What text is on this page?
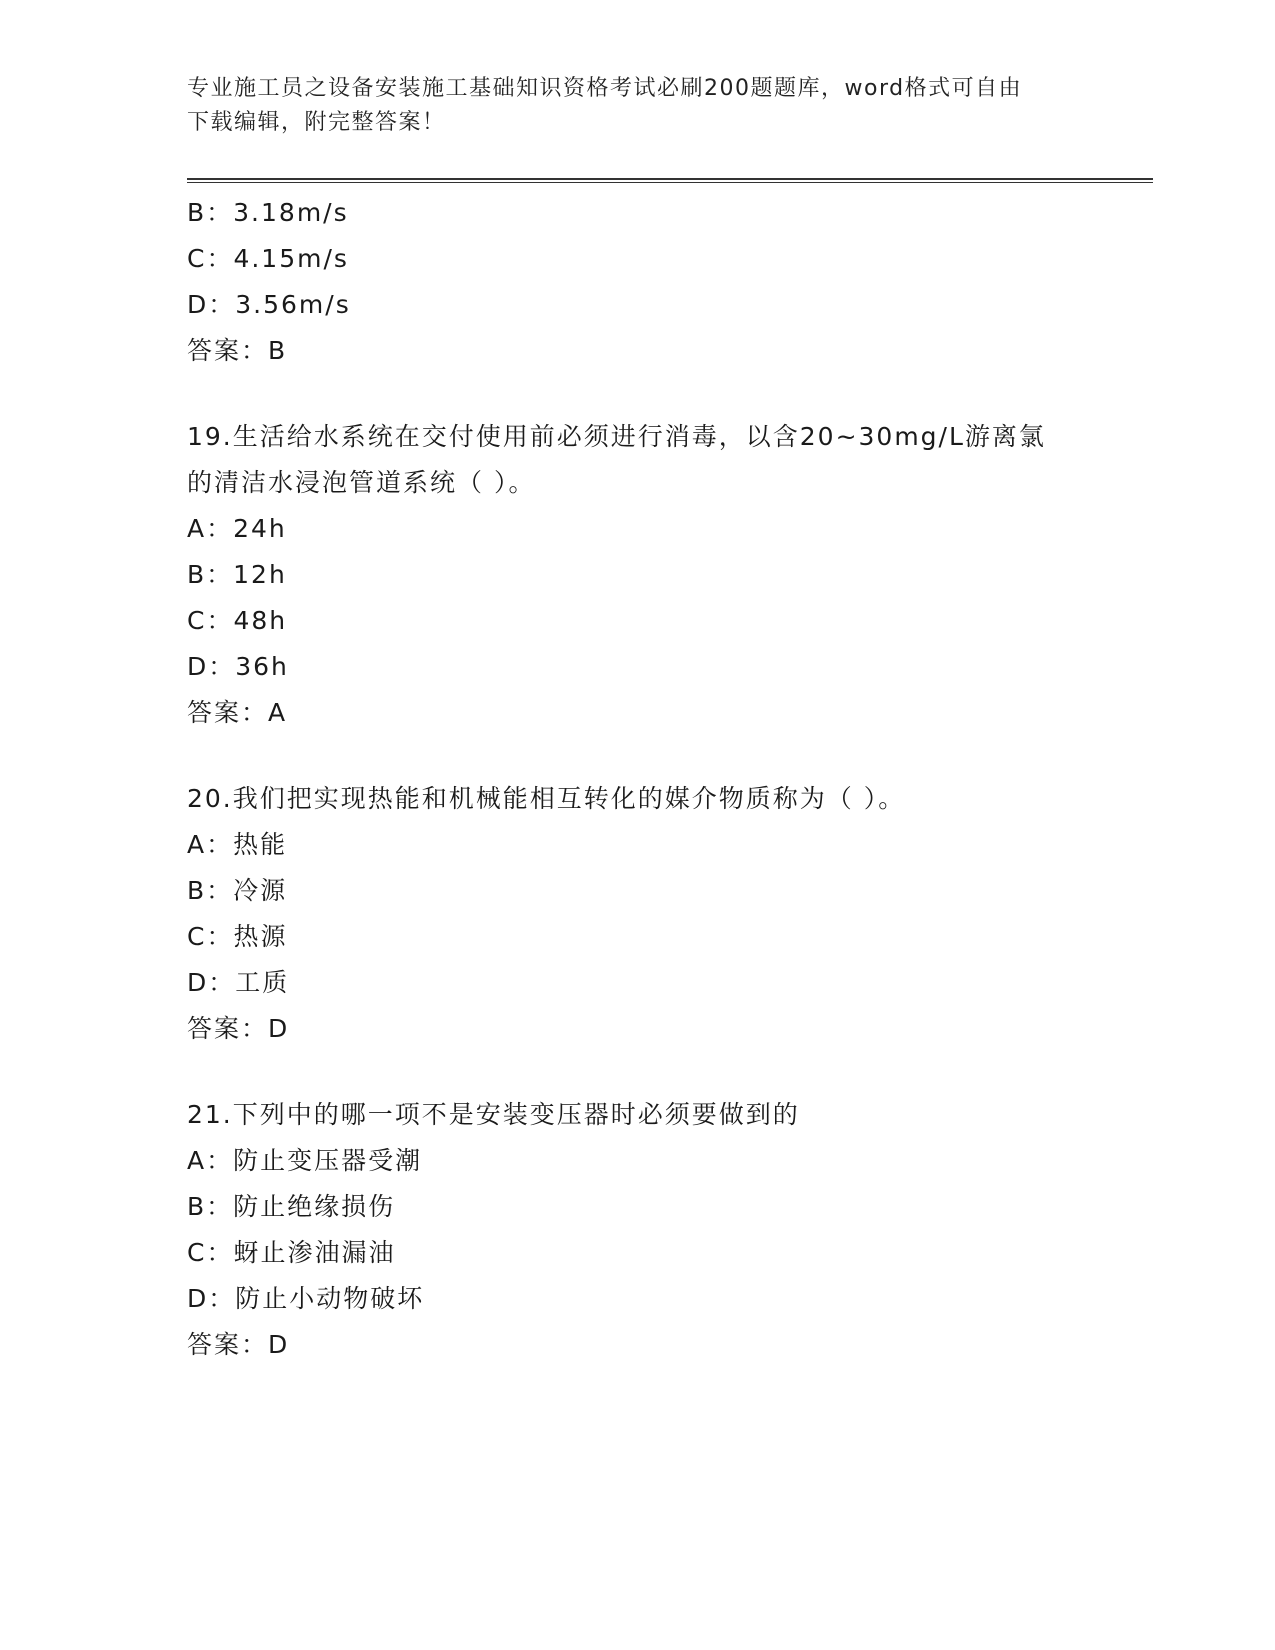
专业施工员之设备安装施工基础知识资格考试必刷200题题库，word格式可自由
下载编辑，附完整答案！
B：3.18m/s
C：4.15m/s
D：3.56m/s
答案：B
19.生活给水系统在交付使用前必须进行消毒，以含20~30mg/L游离氯
的清洁水浸泡管道系统（ ）。
A：24h
B：12h
C：48h
D：36h
答案：A
20.我们把实现热能和机械能相互转化的媒介物质称为（ ）。
A：热能
B：冷源
C：热源
D：工质
答案：D
21.下列中的哪一项不是安装变压器时必须要做到的
A：防止变压器受潮
B：防止绝缘损伤
C：蚜止渗油漏油
D：防止小动物破坏
答案：D
